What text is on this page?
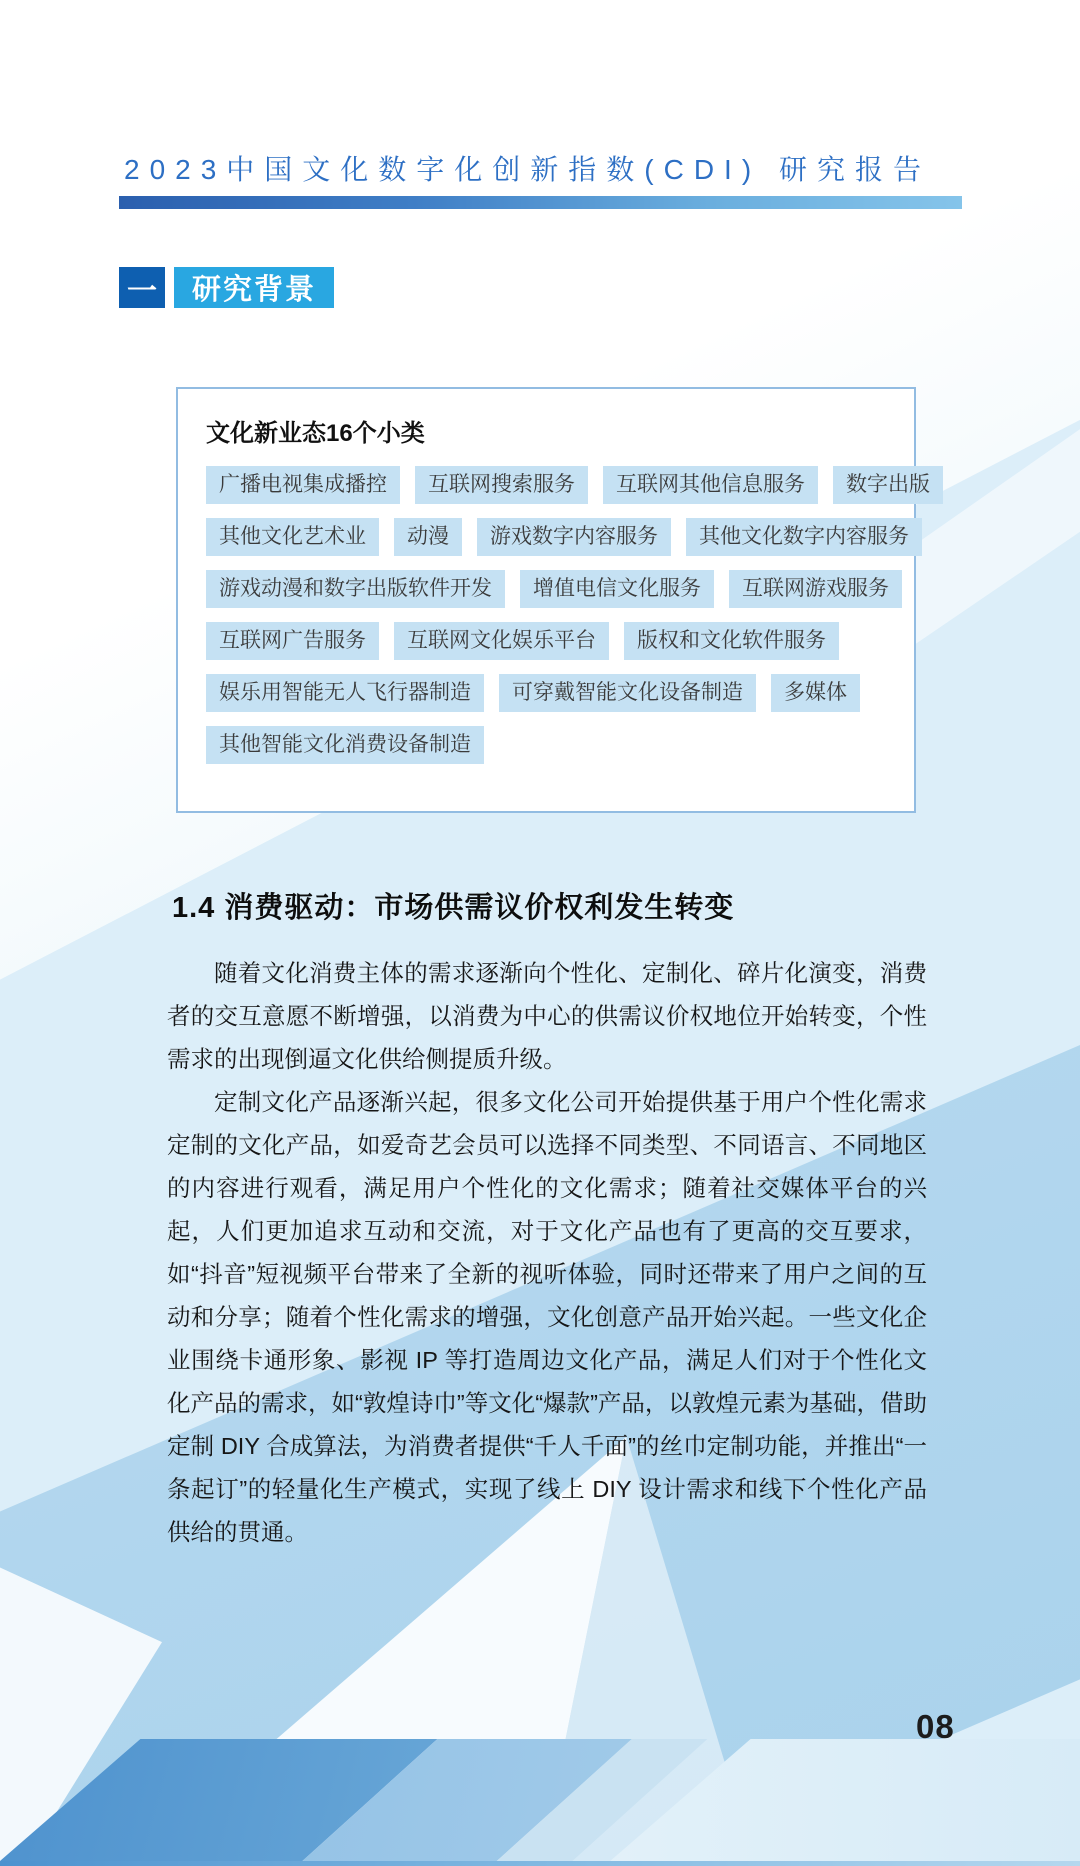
2023中国文化数字化创新指数(CDI) 研究报告
一	研究背景

文化新业态16个小类

广播电视集成播控 互联网搜索服务 互联网其他信息服务 数字出版
其他文化艺术业 动漫 游戏数字内容服务 其他文化数字内容服务
游戏动漫和数字出版软件开发 增值电信文化服务 互联网游戏服务
互联网广告服务 互联网文化娱乐平台 版权和文化软件服务
娱乐用智能无人飞行器制造 可穿戴智能文化设备制造 多媒体
其他智能文化消费设备制造
1.4 消费驱动：市场供需议价权利发生转变

随着文化消费主体的需求逐渐向个性化、定制化、碎片化演变，消费者的交互意愿不断增强，以消费为中心的供需议价权地位开始转变，个性需求的出现倒逼文化供给侧提质升级。

定制文化产品逐渐兴起，很多文化公司开始提供基于用户个性化需求定制的文化产品，如爱奇艺会员可以选择不同类型、不同语言、不同地区的内容进行观看，满足用户个性化的文化需求；随着社交媒体平台的兴起，人们更加追求互动和交流，对于文化产品也有了更高的交互要求，如“抖音”短视频平台带来了全新的视听体验，同时还带来了用户之间的互动和分享；随着个性化需求的增强，文化创意产品开始兴起。一些文化企业围绕卡通形象、影视 IP 等打造周边文化产品，满足人们对于个性化文化产品的需求，如“敦煌诗巾”等文化“爆款”产品，以敦煌元素为基础，借助定制 DIY 合成算法，为消费者提供“千人千面”的丝巾定制功能，并推出“一条起订”的轻量化生产模式，实现了线上 DIY 设计需求和线下个性化产品供给的贯通。

08
